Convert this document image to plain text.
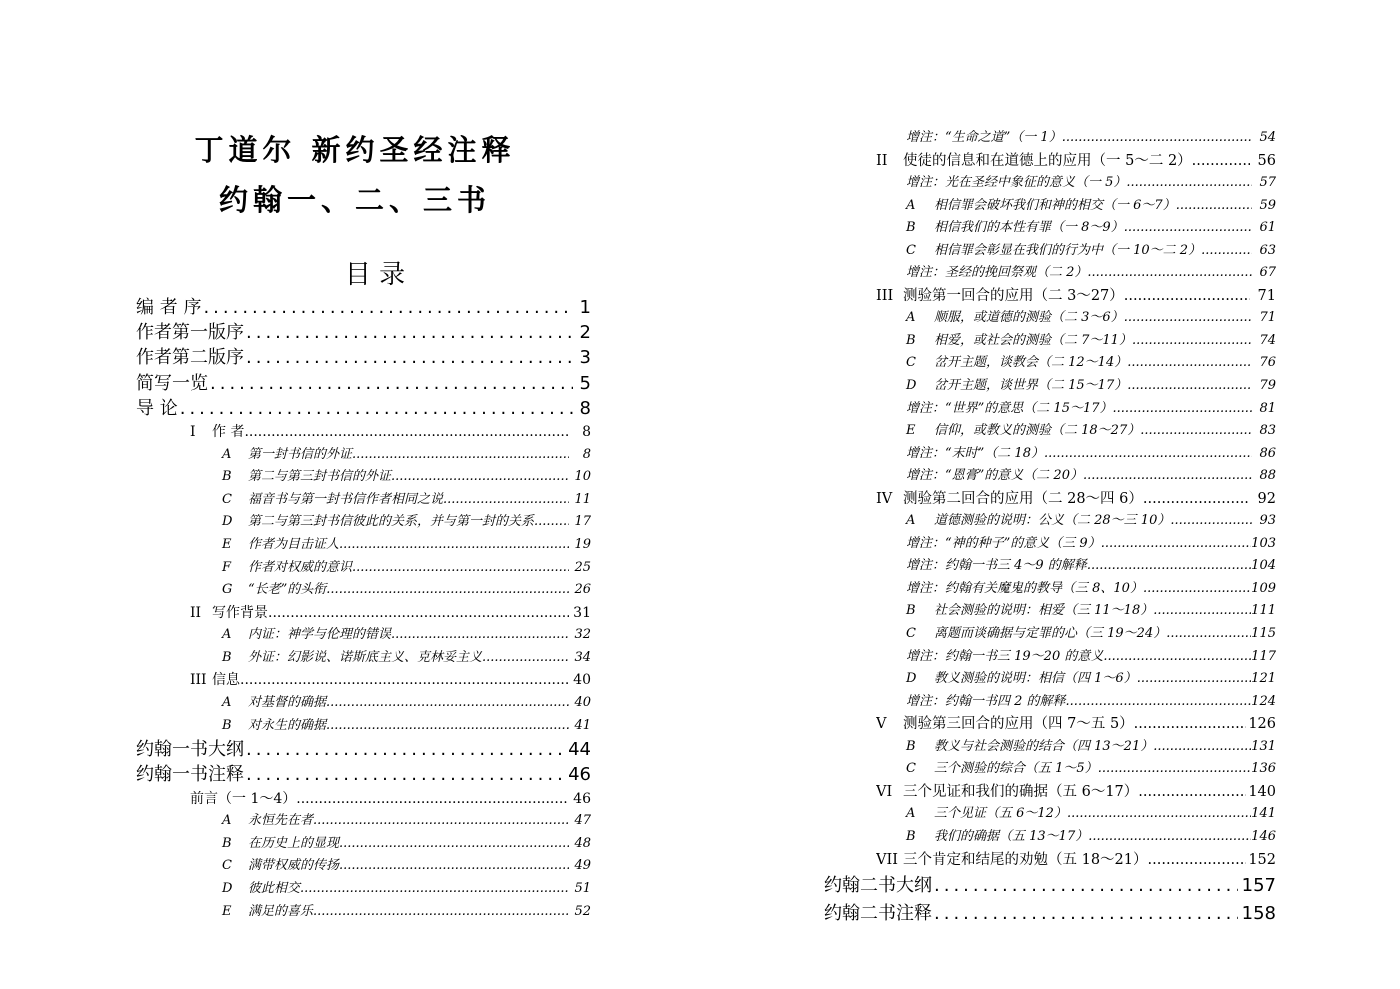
丁道尔 新约圣经注释
约翰一、二、三书
目 录
编 者 序 .....	1
作者第一版序 .....	2
作者第二版序 .....	3
简写一览 .....	5
导 论 .....	8
I 作 者 .....	8
A 第一封书信的外证 .....	8
B 第二与第三封书信的外证 .....	10
C 福音书与第一封书信作者相同之说 .....	11
D 第二与第三封书信彼此的关系，并与第一封的关系 .....	17
E 作者为目击证人 .....	19
F 作者对权威的意识 .....	25
G “长老”的头衔 .....	26
II 写作背景 .....	31
A 内证：神学与伦理的错误 .....	32
B 外证：幻影说、诺斯底主义、克林妥主义 .....	34
III 信息 .....	40
A 对基督的确据 .....	40
B 对永生的确据 .....	41
约翰一书大纲 .....	44
约翰一书注释 .....	46
前言（一 1～4） .....	46
A 永恒先在者 .....	47
B 在历史上的显现 .....	48
C 满带权威的传扬 .....	49
D 彼此相交 .....	51
E 满足的喜乐 .....	52
增注：“生命之道”（一 1） .....	54
II 使徒的信息和在道德上的应用（一 5～二 2） .....	56
增注：光在圣经中象征的意义（一 5） .....	57
A 相信罪会破坏我们和神的相交（一 6～7） .....	59
B 相信我们的本性有罪（一 8～9） .....	61
C 相信罪会彰显在我们的行为中（一 10～二 2） .....	63
增注：圣经的挽回祭观（二 2） .....	67
III 测验第一回合的应用（二 3～27） .....	71
A 顺服，或道德的测验（二 3～6） .....	71
B 相爱，或社会的测验（二 7～11） .....	74
C 岔开主题，谈教会（二 12～14） .....	76
D 岔开主题，谈世界（二 15～17） .....	79
增注：“世界”的意思（二 15～17） .....	81
E 信仰，或教义的测验（二 18～27） .....	83
增注：“末时”（二 18） .....	86
增注：“恩膏”的意义（二 20） .....	88
IV 测验第二回合的应用（二 28～四 6） .....	92
A 道德测验的说明：公义（二 28～三 10） .....	93
增注：“神的种子”的意义（三 9） .....	103
增注：约翰一书三 4～9 的解释 .....	104
增注：约翰有关魔鬼的教导（三 8、10） .....	109
B 社会测验的说明：相爱（三 11～18） .....	111
C 离题而谈确据与定罪的心（三 19～24） .....	115
增注：约翰一书三 19～20 的意义 .....	117
D 教义测验的说明：相信（四 1～6） .....	121
增注：约翰一书四 2 的解释 .....	124
V 测验第三回合的应用（四 7～五 5） .....	126
B 教义与社会测验的结合（四 13～21） .....	131
C 三个测验的综合（五 1～5） .....	136
VI 三个见证和我们的确据（五 6～17） .....	140
A 三个见证（五 6～12） .....	141
B 我们的确据（五 13～17） .....	146
VII 三个肯定和结尾的劝勉（五 18～21） .....	152
约翰二书大纲 .....	157
约翰二书注释 .....	158
